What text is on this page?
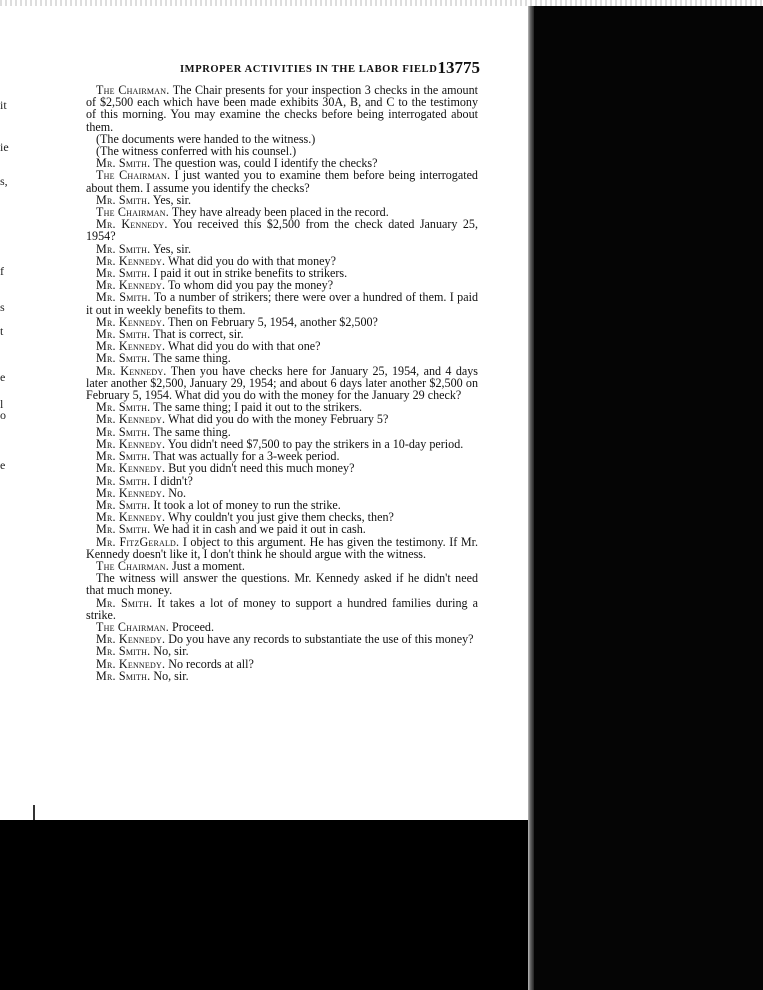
IMPROPER ACTIVITIES IN THE LABOR FIELD 13775
it
ie
s,
f
s
t
e
l
o
e

The Chairman. The Chair presents for your inspection 3 checks in the amount of $2,500 each which have been made exhibits 30A, B, and C to the testimony of this morning. You may examine the checks before being interrogated about them.

(The documents were handed to the witness.)

(The witness conferred with his counsel.)

Mr. Smith. The question was, could I identify the checks?

The Chairman. I just wanted you to examine them before being interrogated about them. I assume you identify the checks?

Mr. Smith. Yes, sir.

The Chairman. They have already been placed in the record.

Mr. Kennedy. You received this $2,500 from the check dated January 25, 1954?

Mr. Smith. Yes, sir.

Mr. Kennedy. What did you do with that money?

Mr. Smith. I paid it out in strike benefits to strikers.

Mr. Kennedy. To whom did you pay the money?

Mr. Smith. To a number of strikers; there were over a hundred of them. I paid it out in weekly benefits to them.

Mr. Kennedy. Then on February 5, 1954, another $2,500?

Mr. Smith. That is correct, sir.

Mr. Kennedy. What did you do with that one?

Mr. Smith. The same thing.

Mr. Kennedy. Then you have checks here for January 25, 1954, and 4 days later another $2,500, January 29, 1954; and about 6 days later another $2,500 on February 5, 1954. What did you do with the money for the January 29 check?

Mr. Smith. The same thing; I paid it out to the strikers.

Mr. Kennedy. What did you do with the money February 5?

Mr. Smith. The same thing.

Mr. Kennedy. You didn't need $7,500 to pay the strikers in a 10-day period.

Mr. Smith. That was actually for a 3-week period.

Mr. Kennedy. But you didn't need this much money?

Mr. Smith. I didn't?

Mr. Kennedy. No.

Mr. Smith. It took a lot of money to run the strike.

Mr. Kennedy. Why couldn't you just give them checks, then?

Mr. Smith. We had it in cash and we paid it out in cash.

Mr. FitzGerald. I object to this argument. He has given the testimony. If Mr. Kennedy doesn't like it, I don't think he should argue with the witness.

The Chairman. Just a moment.

The witness will answer the questions. Mr. Kennedy asked if he didn't need that much money.

Mr. Smith. It takes a lot of money to support a hundred families during a strike.

The Chairman. Proceed.

Mr. Kennedy. Do you have any records to substantiate the use of this money?

Mr. Smith. No, sir.

Mr. Kennedy. No records at all?

Mr. Smith. No, sir.
